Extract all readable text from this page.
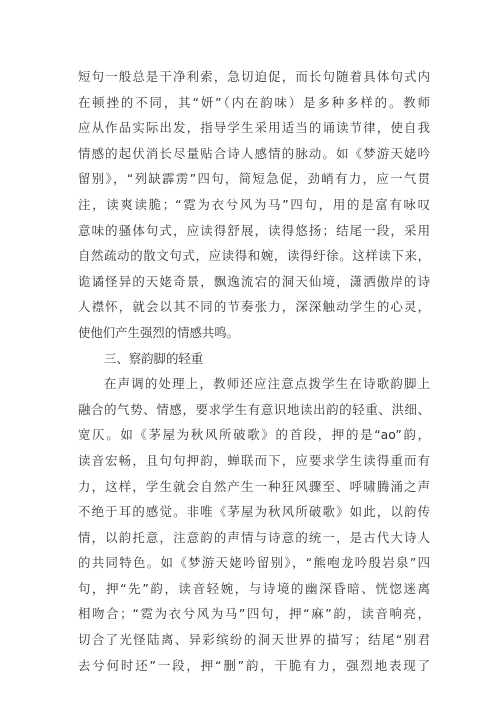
短句一般总是干净利索，急切迫促，而长句随着具体句式内
在顿挫的不同，其“妍”（内在韵味）是多种多样的。教师
应从作品实际出发，指导学生采用适当的诵读节律，使自我
情感的起伏消长尽量贴合诗人感情的脉动。如《梦游天姥吟
留别》，“列缺霹雳”四句，简短急促，劲峭有力，应一气贯
注，读爽读脆；“霓为衣兮风为马”四句，用的是富有咏叹
意味的骚体句式，应读得舒展，读得悠扬；结尾一段，采用
自然疏动的散文句式，应读得和婉，读得纡徐。这样读下来，
诡谲怪异的天姥奇景，飘逸流宕的洞天仙境，潇洒傲岸的诗
人襟怀，就会以其不同的节奏张力，深深触动学生的心灵，
使他们产生强烈的情感共鸣。
三、察韵脚的轻重
在声调的处理上，教师还应注意点拨学生在诗歌韵脚上
融合的气势、情感，要求学生有意识地读出韵的轻重、洪细、
宽仄。如《茅屋为秋风所破歌》的首段，押的是“ao”韵，
读音宏畅，且句句押韵，蝉联而下，应要求学生读得重而有
力，这样，学生就会自然产生一种狂风骤至、呼啸腾涌之声
不绝于耳的感觉。非唯《茅屋为秋风所破歌》如此，以韵传
情，以韵托意，注意韵的声情与诗意的统一，是古代大诗人
的共同特色。如《梦游天姥吟留别》，“熊咆龙吟殷岩泉”四
句，押“先”韵，读音轻婉，与诗境的幽深昏暗、恍惚迷离
相吻合；“霓为衣兮风为马”四句，押“麻”韵，读音响亮，
切合了光怪陆离、异彩缤纷的洞天世界的描写；结尾“别君
去兮何时还”一段，押“删”韵，干脆有力，强烈地表现了
